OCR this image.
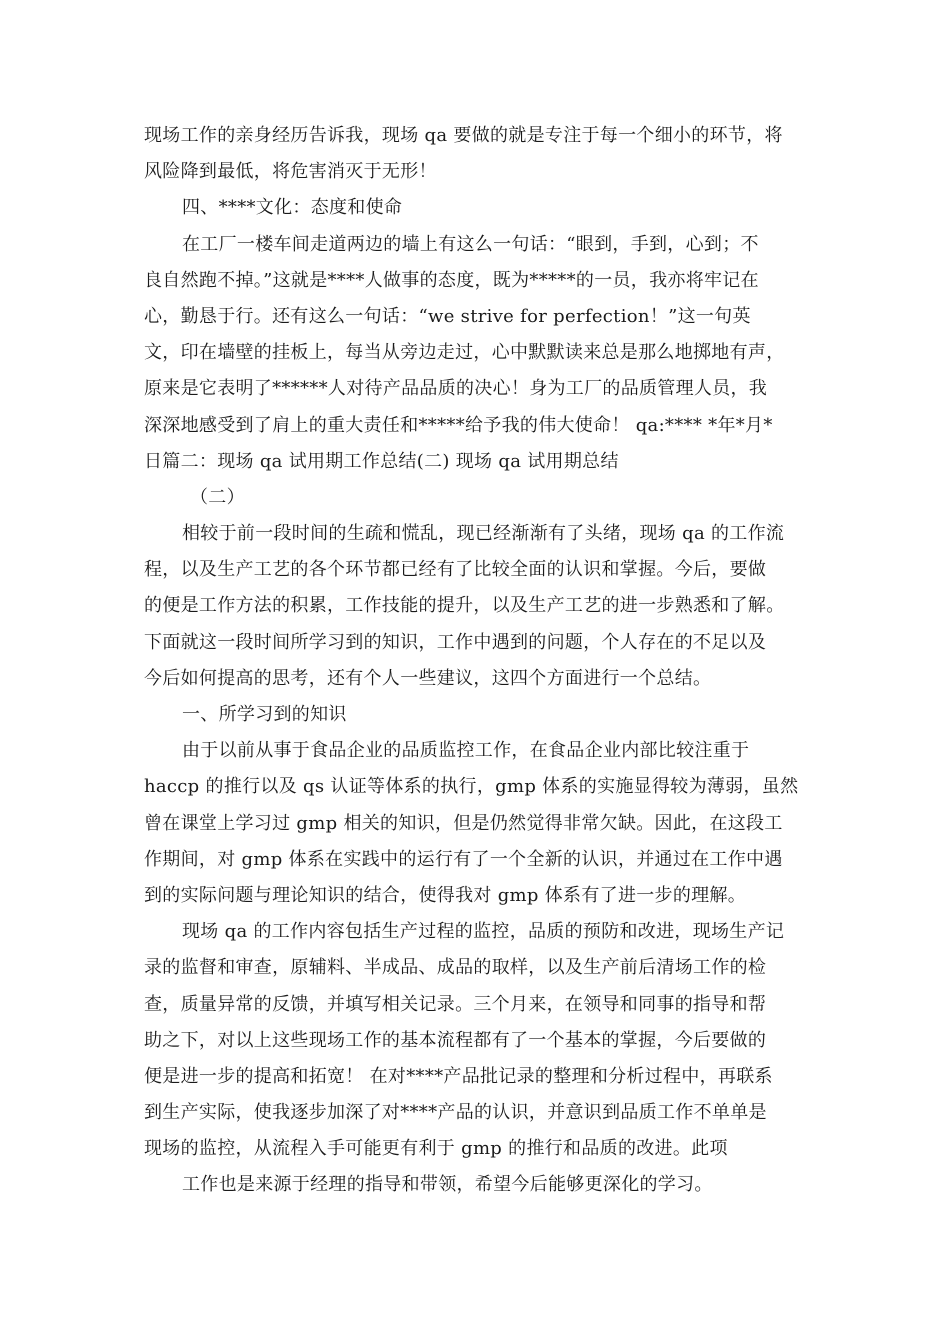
现场工作的亲身经历告诉我，现场 qa 要做的就是专注于每一个细小的环节，将
风险降到最低，将危害消灭于无形！
四、****文化：态度和使命
在工厂一楼车间走道两边的墙上有这么一句话：“眼到，手到，心到；不
良自然跑不掉。”这就是****人做事的态度，既为*****的一员，我亦将牢记在
心，勤恳于行。还有这么一句话：“we strive for perfection！”这一句英
文，印在墙壁的挂板上，每当从旁边走过，心中默默读来总是那么地掷地有声，
原来是它表明了******人对待产品品质的决心！身为工厂的品质管理人员，我
深深地感受到了肩上的重大责任和*****给予我的伟大使命！ qa:**** *年*月*
日篇二：现场 qa 试用期工作总结(二) 现场 qa 试用期总结
（二）
相较于前一段时间的生疏和慌乱，现已经渐渐有了头绪，现场 qa 的工作流
程，以及生产工艺的各个环节都已经有了比较全面的认识和掌握。今后，要做
的便是工作方法的积累，工作技能的提升，以及生产工艺的进一步熟悉和了解。
下面就这一段时间所学习到的知识，工作中遇到的问题，个人存在的不足以及
今后如何提高的思考，还有个人一些建议，这四个方面进行一个总结。
一、所学习到的知识
由于以前从事于食品企业的品质监控工作，在食品企业内部比较注重于
haccp 的推行以及 qs 认证等体系的执行，gmp 体系的实施显得较为薄弱，虽然
曾在课堂上学习过 gmp 相关的知识，但是仍然觉得非常欠缺。因此，在这段工
作期间，对 gmp 体系在实践中的运行有了一个全新的认识，并通过在工作中遇
到的实际问题与理论知识的结合，使得我对 gmp 体系有了进一步的理解。
现场 qa 的工作内容包括生产过程的监控，品质的预防和改进，现场生产记
录的监督和审查，原辅料、半成品、成品的取样，以及生产前后清场工作的检
查，质量异常的反馈，并填写相关记录。三个月来，在领导和同事的指导和帮
助之下，对以上这些现场工作的基本流程都有了一个基本的掌握，今后要做的
便是进一步的提高和拓宽！ 在对****产品批记录的整理和分析过程中，再联系
到生产实际，使我逐步加深了对****产品的认识，并意识到品质工作不单单是
现场的监控，从流程入手可能更有利于 gmp 的推行和品质的改进。此项
工作也是来源于经理的指导和带领，希望今后能够更深化的学习。
